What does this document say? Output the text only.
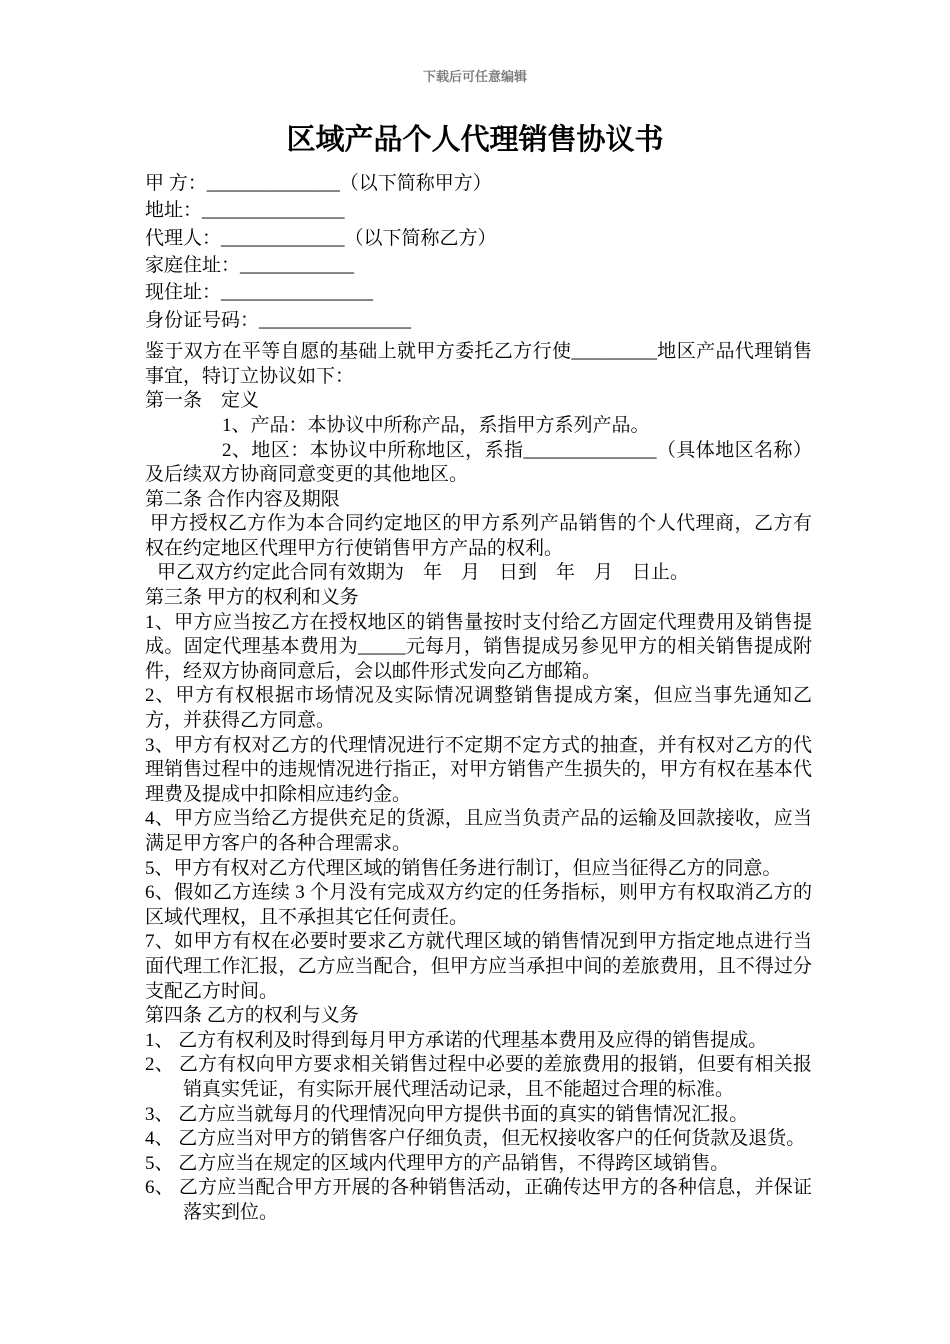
下载后可任意编辑
区域产品个人代理销售协议书
甲 方：______________（以下简称甲方）
地址：_______________
代理人：_____________（以下简称乙方）
家庭住址：____________
现住址：________________
身份证号码：________________

鉴于双方在平等自愿的基础上就甲方委托乙方行使_________地区产品代理销售事宜，特订立协议如下：

第一条　定义

1、产品：本协议中所称产品，系指甲方系列产品。

2、地区：本协议中所称地区，系指______________（具体地区名称）及后续双方协商同意变更的其他地区。

第二条 合作内容及期限

甲方授权乙方作为本合同约定地区的甲方系列产品销售的个人代理商，乙方有权在约定地区代理甲方行使销售甲方产品的权利。

甲乙双方约定此合同有效期为　年　月　日到　年　月　日止。

第三条 甲方的权利和义务

1、甲方应当按乙方在授权地区的销售量按时支付给乙方固定代理费用及销售提成。固定代理基本费用为_____元每月，销售提成另参见甲方的相关销售提成附件，经双方协商同意后，会以邮件形式发向乙方邮箱。

2、甲方有权根据市场情况及实际情况调整销售提成方案，但应当事先通知乙方，并获得乙方同意。

3、甲方有权对乙方的代理情况进行不定期不定方式的抽查，并有权对乙方的代理销售过程中的违规情况进行指正，对甲方销售产生损失的，甲方有权在基本代理费及提成中扣除相应违约金。

4、甲方应当给乙方提供充足的货源，且应当负责产品的运输及回款接收，应当满足甲方客户的各种合理需求。

5、甲方有权对乙方代理区域的销售任务进行制订，但应当征得乙方的同意。

6、假如乙方连续 3 个月没有完成双方约定的任务指标，则甲方有权取消乙方的区域代理权，且不承担其它任何责任。

7、如甲方有权在必要时要求乙方就代理区域的销售情况到甲方指定地点进行当面代理工作汇报，乙方应当配合，但甲方应当承担中间的差旅费用，且不得过分支配乙方时间。

第四条 乙方的权利与义务

1、 乙方有权利及时得到每月甲方承诺的代理基本费用及应得的销售提成。

2、 乙方有权向甲方要求相关销售过程中必要的差旅费用的报销，但要有相关报销真实凭证，有实际开展代理活动记录，且不能超过合理的标准。

3、 乙方应当就每月的代理情况向甲方提供书面的真实的销售情况汇报。

4、 乙方应当对甲方的销售客户仔细负责，但无权接收客户的任何货款及退货。

5、 乙方应当在规定的区域内代理甲方的产品销售，不得跨区域销售。

6、 乙方应当配合甲方开展的各种销售活动，正确传达甲方的各种信息，并保证落实到位。
